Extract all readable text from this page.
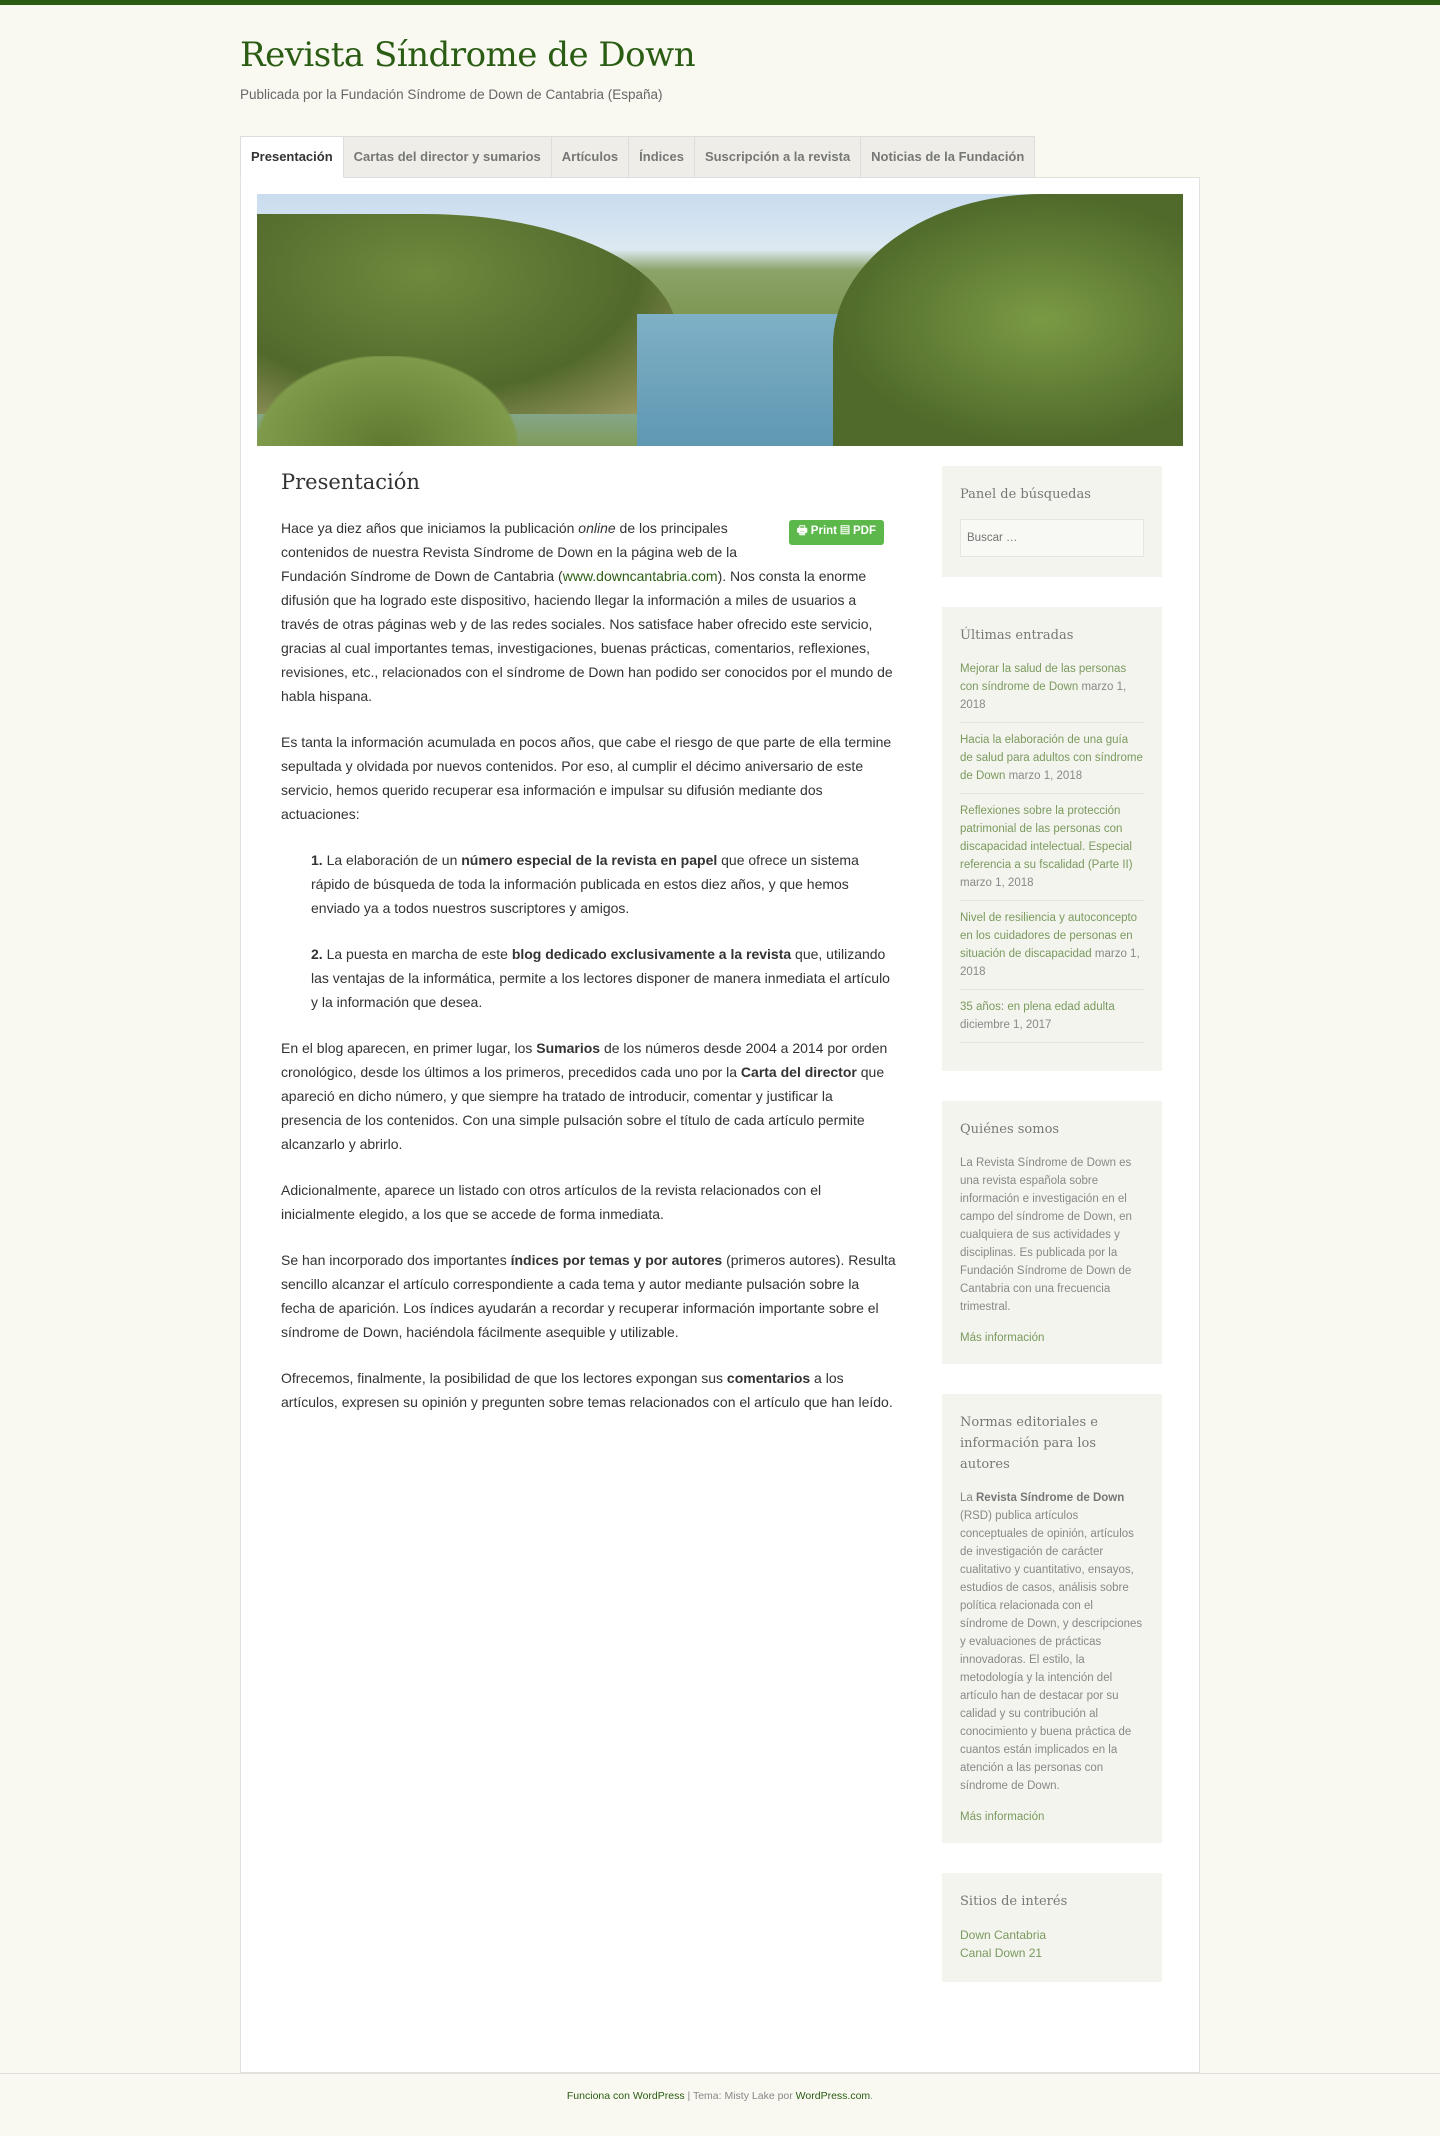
Revista Síndrome de Down
Publicada por la Fundación Síndrome de Down de Cantabria (España)
Presentación	Cartas del director y sumarios	Artículos	Índices	Suscripción a la revista	Noticias de la Fundación
Presentación
🖶 Print ▤ PDF

Hace ya diez años que iniciamos la publicación online de los principales contenidos de nuestra Revista Síndrome de Down en la página web de la Fundación Síndrome de Down de Cantabria (www.downcantabria.com). Nos consta la enorme difusión que ha logrado este dispositivo, haciendo llegar la información a miles de usuarios a través de otras páginas web y de las redes sociales. Nos satisface haber ofrecido este servicio, gracias al cual importantes temas, investigaciones, buenas prácticas, comentarios, reflexiones, revisiones, etc., relacionados con el síndrome de Down han podido ser conocidos por el mundo de habla hispana.

Es tanta la información acumulada en pocos años, que cabe el riesgo de que parte de ella termine sepultada y olvidada por nuevos contenidos. Por eso, al cumplir el décimo aniversario de este servicio, hemos querido recuperar esa información e impulsar su difusión mediante dos actuaciones:

1. La elaboración de un número especial de la revista en papel que ofrece un sistema rápido de búsqueda de toda la información publicada en estos diez años, y que hemos enviado ya a todos nuestros suscriptores y amigos.

2. La puesta en marcha de este blog dedicado exclusivamente a la revista que, utilizando las ventajas de la informática, permite a los lectores disponer de manera inmediata el artículo y la información que desea.

En el blog aparecen, en primer lugar, los Sumarios de los números desde 2004 a 2014 por orden cronológico, desde los últimos a los primeros, precedidos cada uno por la Carta del director que apareció en dicho número, y que siempre ha tratado de introducir, comentar y justificar la presencia de los contenidos. Con una simple pulsación sobre el título de cada artículo permite alcanzarlo y abrirlo.

Adicionalmente, aparece un listado con otros artículos de la revista relacionados con el inicialmente elegido, a los que se accede de forma inmediata.

Se han incorporado dos importantes índices por temas y por autores (primeros autores). Resulta sencillo alcanzar el artículo correspondiente a cada tema y autor mediante pulsación sobre la fecha de aparición. Los índices ayudarán a recordar y recuperar información importante sobre el síndrome de Down, haciéndola fácilmente asequible y utilizable.

Ofrecemos, finalmente, la posibilidad de que los lectores expongan sus comentarios a los artículos, expresen su opinión y pregunten sobre temas relacionados con el artículo que han leído.

Panel de búsquedas
Buscar …
Últimas entradas
Mejorar la salud de las personas con síndrome de Down marzo 1, 2018
Hacia la elaboración de una guía de salud para adultos con síndrome de Down marzo 1, 2018
Reflexiones sobre la protección patrimonial de las personas con discapacidad intelectual. Especial referencia a su fscalidad (Parte II) marzo 1, 2018
Nivel de resiliencia y autoconcepto en los cuidadores de personas en situación de discapacidad marzo 1, 2018
35 años: en plena edad adulta diciembre 1, 2017
Quiénes somos
La Revista Síndrome de Down es una revista española sobre información e investigación en el campo del síndrome de Down, en cualquiera de sus actividades y disciplinas. Es publicada por la Fundación Síndrome de Down de Cantabria con una frecuencia trimestral.
Más información
Normas editoriales e información para los autores
La Revista Síndrome de Down (RSD) publica artículos conceptuales de opinión, artículos de investigación de carácter cualitativo y cuantitativo, ensayos, estudios de casos, análisis sobre política relacionada con el síndrome de Down, y descripciones y evaluaciones de prácticas innovadoras. El estilo, la metodología y la intención del artículo han de destacar por su calidad y su contribución al conocimiento y buena práctica de cuantos están implicados en la atención a las personas con síndrome de Down.
Más información
Sitios de interés
Down Cantabria
Canal Down 21
Funciona con WordPress | Tema: Misty Lake por WordPress.com.
